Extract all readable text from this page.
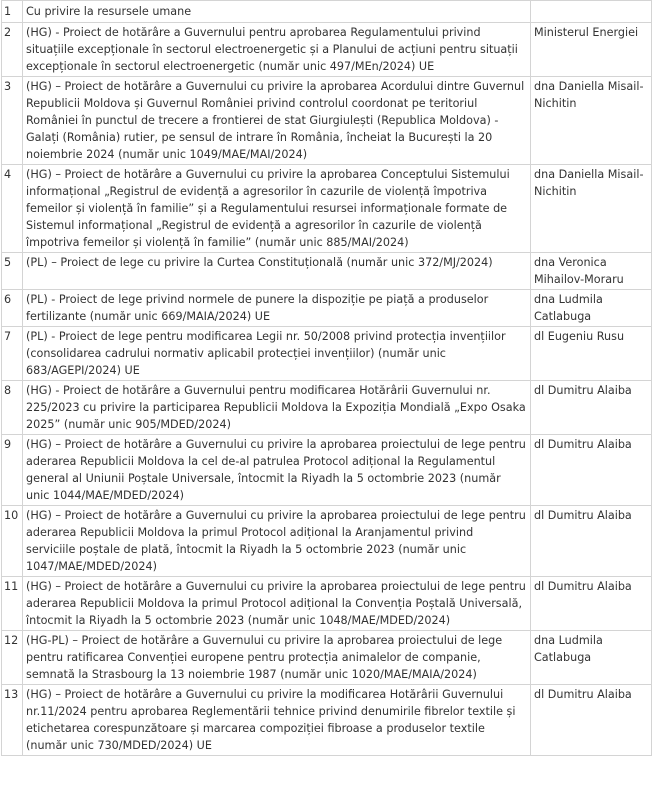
1	Cu privire la resursele umane	
2	(HG) - Proiect de hotărâre a Guvernului pentru aprobarea Regulamentului privind situațiile excepționale în sectorul electroenergetic și a Planului de acțiuni pentru situații excepționale în sectorul electroenergetic (număr unic 497/MEn/2024) UE	Ministerul Energiei
3	(HG) – Proiect de hotărâre a Guvernului cu privire la aprobarea Acordului dintre Guvernul Republicii Moldova și Guvernul României privind controlul coordonat pe teritoriul României în punctul de trecere a frontierei de stat Giurgiulești (Republica Moldova) - Galați (România) rutier, pe sensul de intrare în România, încheiat la București la 20 noiembrie 2024 (număr unic 1049/MAE/MAI/2024)	dna Daniella Misail-Nichitin
4	(HG) – Proiect de hotărâre a Guvernului cu privire la aprobarea Conceptului Sistemului informațional „Registrul de evidență a agresorilor în cazurile de violență împotriva femeilor și violență în familie” și a Regulamentului resursei informaționale formate de Sistemul informațional „Registrul de evidență a agresorilor în cazurile de violență împotriva femeilor și violență în familie” (număr unic 885/MAI/2024)	dna Daniella Misail-Nichitin
5	(PL) – Proiect de lege cu privire la Curtea Constituțională (număr unic 372/MJ/2024)	dna Veronica Mihailov-Moraru
6	(PL) - Proiect de lege privind normele de punere la dispoziție pe piață a produselor fertilizante (număr unic 669/MAIA/2024) UE	dna Ludmila Catlabuga
7	(PL) - Proiect de lege pentru modificarea Legii nr. 50/2008 privind protecția invențiilor (consolidarea cadrului normativ aplicabil protecției invențiilor) (număr unic 683/AGEPI/2024) UE	dl Eugeniu Rusu
8	(HG) - Proiect de hotărâre a Guvernului pentru modificarea Hotărârii Guvernului nr. 225/2023 cu privire la participarea Republicii Moldova la Expoziția Mondială „Expo Osaka 2025” (număr unic 905/MDED/2024)	dl Dumitru Alaiba
9	(HG) – Proiect de hotărâre a Guvernului cu privire la aprobarea proiectului de lege pentru aderarea Republicii Moldova la cel de-al patrulea Protocol adițional la Regulamentul general al Uniunii Poștale Universale, întocmit la Riyadh la 5 octombrie 2023 (număr unic 1044/MAE/MDED/2024)	dl Dumitru Alaiba
10	(HG) – Proiect de hotărâre a Guvernului cu privire la aprobarea proiectului de lege pentru aderarea Republicii Moldova la primul Protocol adițional la Aranjamentul privind serviciile poștale de plată, întocmit la Riyadh la 5 octombrie 2023 (număr unic 1047/MAE/MDED/2024)	dl Dumitru Alaiba
11	(HG) – Proiect de hotărâre a Guvernului cu privire la aprobarea proiectului de lege pentru aderarea Republicii Moldova la primul Protocol adițional la Convenția Poștală Universală, întocmit la Riyadh la 5 octombrie 2023 (număr unic 1048/MAE/MDED/2024)	dl Dumitru Alaiba
12	(HG-PL) – Proiect de hotărâre a Guvernului cu privire la aprobarea proiectului de lege pentru ratificarea Convenției europene pentru protecția animalelor de companie, semnată la Strasbourg la 13 noiembrie 1987 (număr unic 1020/MAE/MAIA/2024)	dna Ludmila Catlabuga
13	(HG) – Proiect de hotărâre a Guvernului cu privire la modificarea Hotărârii Guvernului nr.11/2024 pentru aprobarea Reglementării tehnice privind denumirile fibrelor textile și etichetarea corespunzătoare și marcarea compoziției fibroase a produselor textile (număr unic 730/MDED/2024) UE	dl Dumitru Alaiba
